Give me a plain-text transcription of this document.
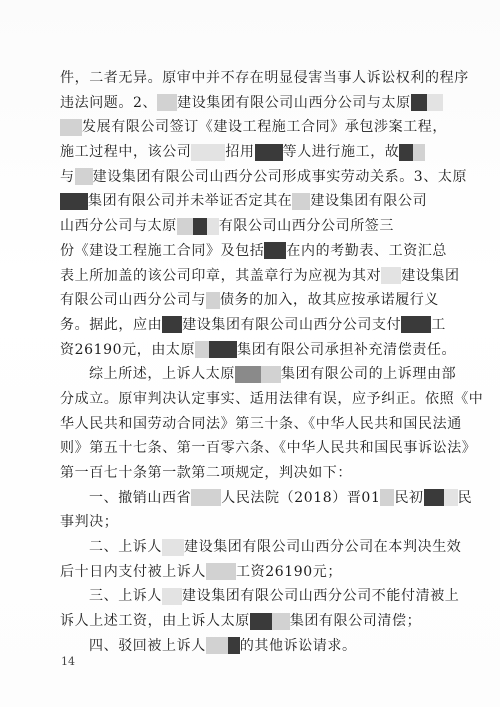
件，二者无异。原审中并不存在明显侵害当事人诉讼权利的程序
违法问题。2、 建设集团有限公司山西分公司与太原
发展有限公司签订《建设工程施工合同》承包涉案工程，
施工过程中，该公司 招用 等人进行施工，故
与 建设集团有限公司山西分公司形成事实劳动关系。3、太原
集团有限公司并未举证否定其在 建设集团有限公司
山西分公司与太原	有限公司山西分公司所签三
份《建设工程施工合同》及包括 在内的考勤表、工资汇总
表上所加盖的该公司印章，其盖章行为应视为其对 建设集团
有限公司山西分公司与 债务的加入，故其应按承诺履行义
务。据此，应由 建设集团有限公司山西分公司支付 工
资26190元，由太原	集团有限公司承担补充清偿责任。
综上所述，上诉人太原	集团有限公司的上诉理由部
分成立。原审判决认定事实、适用法律有误，应予纠正。依照《中
华人民共和国劳动合同法》第三十条、《中华人民共和国民法通
则》第五十七条、第一百零六条、《中华人民共和国民事诉讼法》
第一百七十条第一款第二项规定，判决如下：
一、撤销山西省 人民法院（2018）晋01 民初 民
事判决；
二、上诉人 建设集团有限公司山西分公司在本判决生效
后十日内支付被上诉人 工资26190元；
三、上诉人 建设集团有限公司山西分公司不能付清被上
诉人上述工资，由上诉人太原	集团有限公司清偿；
四、驳回被上诉人 的其他诉讼请求。
14
